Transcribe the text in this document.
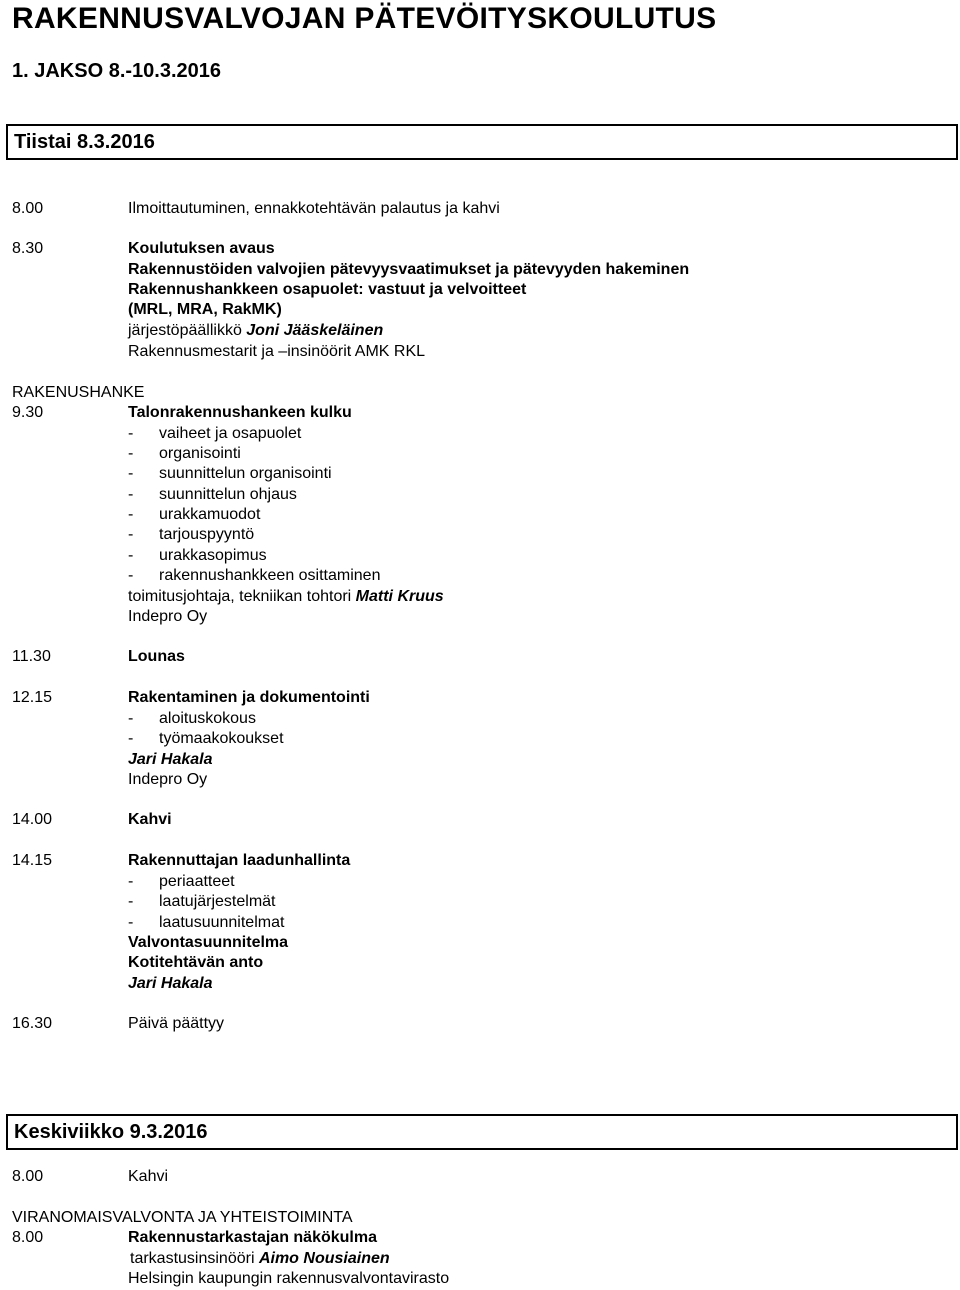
RAKENNUSVALVOJAN PÄTEVÖITYSKOULUTUS
1. JAKSO 8.-10.3.2016
Tiistai 8.3.2016
8.00	Ilmoittautuminen, ennakkotehtävän palautus ja kahvi
8.30	Koulutuksen avaus
Rakennustöiden valvojien pätevyysvaatimukset ja pätevyyden hakeminen
Rakennushankkeen osapuolet: vastuut ja velvoitteet
(MRL, MRA, RakMK)
järjestöpäällikkö Joni Jääskeläinen
Rakennusmestarit ja –insinöörit AMK RKL
RAKENUSHANKE
9.30	Talonrakennushankeen kulku
- vaiheet ja osapuolet
- organisointi
- suunnittelun organisointi
- suunnittelun ohjaus
- urakkamuodot
- tarjouspyyntö
- urakkasopimus
- rakennushankkeen osittaminen
toimitusjohtaja, tekniikan tohtori Matti Kruus
Indepro Oy
11.30	Lounas
12.15	Rakentaminen ja dokumentointi
- aloituskokous
- työmaakokoukset
Jari Hakala
Indepro Oy
14.00	Kahvi
14.15	Rakennuttajan laadunhallinta
- periaatteet
- laatujärjestelmät
- laatusuunnitelmat
Valvontasuunnitelma
Kotitehtävän anto
Jari Hakala
16.30	Päivä päättyy
Keskiviikko 9.3.2016
8.00	Kahvi
VIRANOMAISVALVONTA JA YHTEISTOIMINTA
8.00	Rakennustarkastajan näkökulma
tarkastusinsinööri Aimo Nousiainen
Helsingin kaupungin rakennusvalvontavirasto
